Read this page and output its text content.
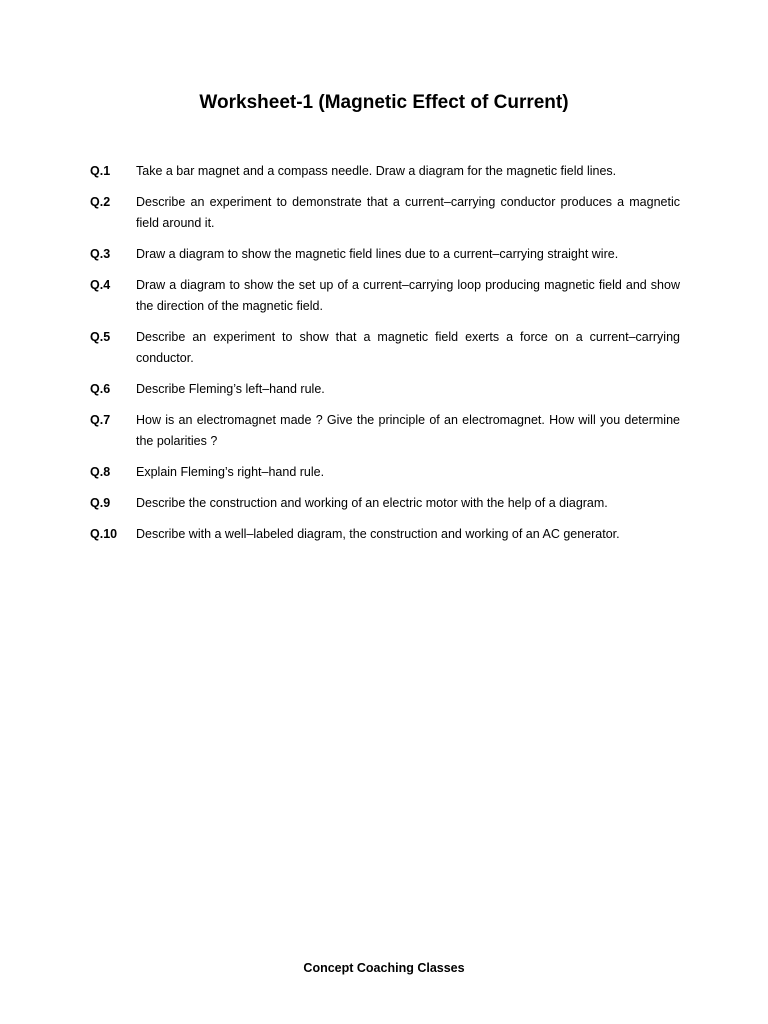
Worksheet-1 (Magnetic Effect of Current)
Q.1	Take a bar magnet and a compass needle. Draw a diagram for the magnetic field lines.
Q.2	Describe an experiment to demonstrate that a current–carrying conductor produces a magnetic field around it.
Q.3	Draw a diagram to show the magnetic field lines due to a current–carrying straight wire.
Q.4	Draw a diagram to show the set up of a current–carrying loop producing magnetic field and show the direction of the magnetic field.
Q.5	Describe an experiment to show that a magnetic field exerts a force on a current–carrying conductor.
Q.6	Describe Fleming’s left–hand rule.
Q.7	How is an electromagnet made ? Give the principle of an electromagnet. How will you determine the polarities ?
Q.8	Explain Fleming’s right–hand rule.
Q.9	Describe the construction and working of an electric motor with the help of a diagram.
Q.10	Describe with a well–labeled diagram, the construction and working of an AC generator.
Concept Coaching Classes
